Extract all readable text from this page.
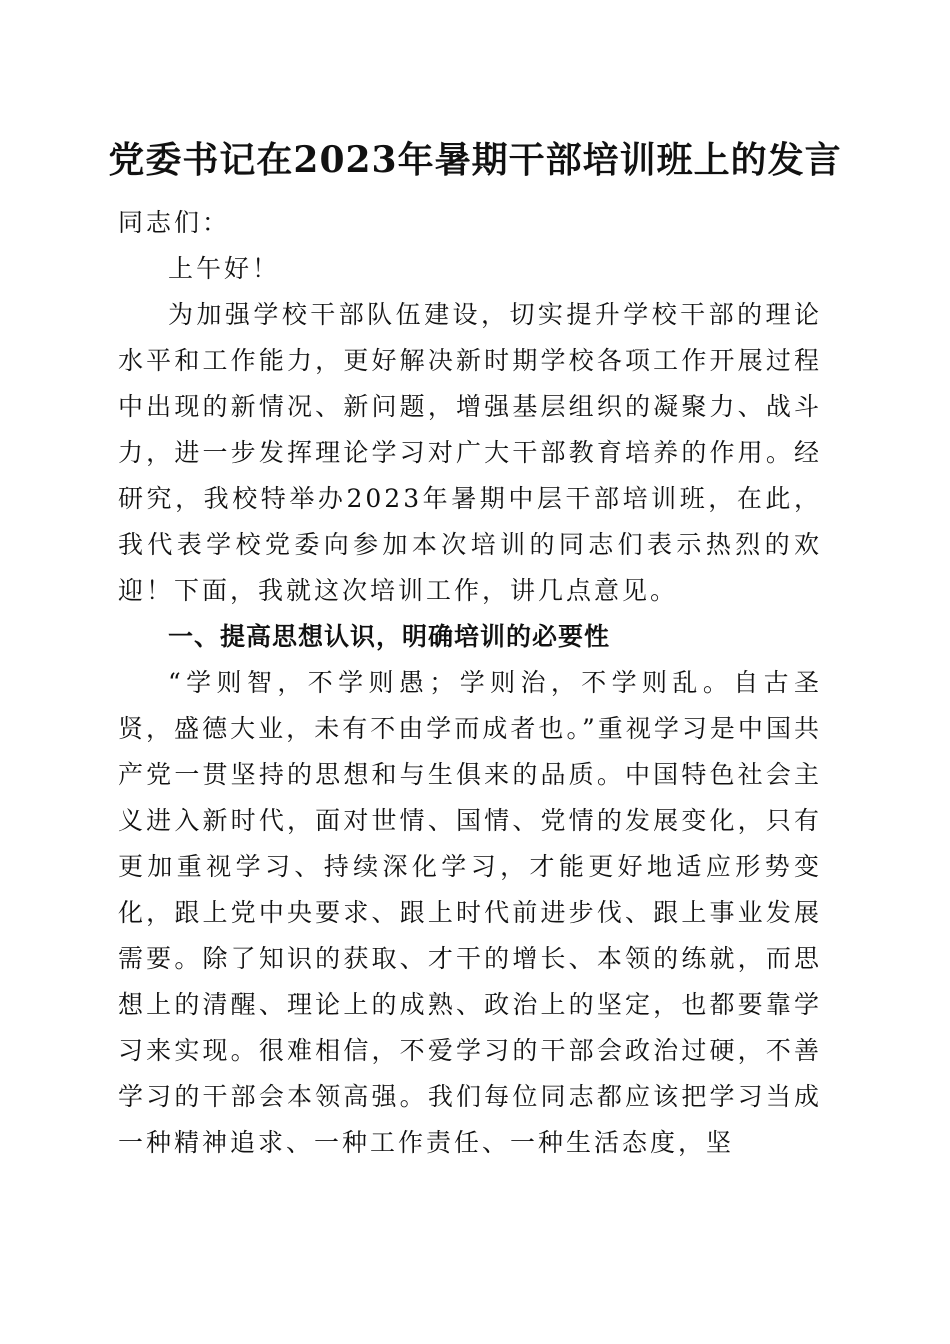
党委书记在2023年暑期干部培训班上的发言

同志们：

上午好！

为加强学校干部队伍建设，切实提升学校干部的理论水平和工作能力，更好解决新时期学校各项工作开展过程中出现的新情况、新问题，增强基层组织的凝聚力、战斗力，进一步发挥理论学习对广大干部教育培养的作用。经研究，我校特举办2023年暑期中层干部培训班，在此，我代表学校党委向参加本次培训的同志们表示热烈的欢迎！下面，我就这次培训工作，讲几点意见。

一、提高思想认识，明确培训的必要性

“学则智，不学则愚；学则治，不学则乱。自古圣贤，盛德大业，未有不由学而成者也。”重视学习是中国共产党一贯坚持的思想和与生俱来的品质。中国特色社会主义进入新时代，面对世情、国情、党情的发展变化，只有更加重视学习、持续深化学习，才能更好地适应形势变化，跟上党中央要求、跟上时代前进步伐、跟上事业发展需要。除了知识的获取、才干的增长、本领的练就，而思想上的清醒、理论上的成熟、政治上的坚定，也都要靠学习来实现。很难相信，不爱学习的干部会政治过硬，不善学习的干部会本领高强。我们每位同志都应该把学习当成一种精神追求、一种工作责任、一种生活态度，坚
